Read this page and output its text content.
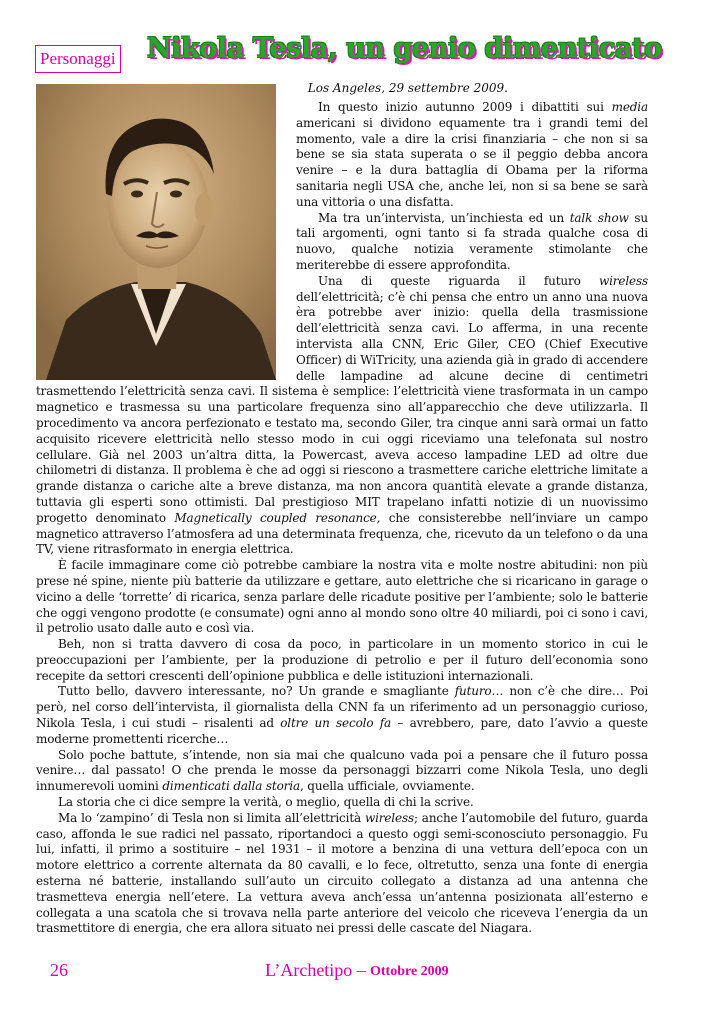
Personaggi Nikola Tesla, un genio dimenticato

Los Angeles, 29 settembre 2009.

In questo inizio autunno 2009 i dibattiti sui media americani si dividono equamente tra i grandi temi del momento, vale a dire la crisi finanziaria – che non si sa bene se sia stata superata o se il peggio debba ancora venire – e la dura battaglia di Obama per la riforma sanitaria negli USA che, anche lei, non si sa bene se sarà una vittoria o una disfatta.

Ma tra un’intervista, un’inchiesta ed un talk show su tali argomenti, ogni tanto si fa strada qualche cosa di nuovo, qualche notizia veramente stimolante che meriterebbe di essere approfondita.

Una di queste riguarda il futuro wireless dell’elettricità; c’è chi pensa che entro un anno una nuova èra potrebbe aver inizio: quella della trasmissione dell’elettricità senza cavi. Lo afferma, in una recente intervista alla CNN, Eric Giler, CEO (Chief Executive Officer) di WiTricity, una azienda già in grado di accendere delle lampadine ad alcune decine di centimetri trasmettendo l’elettricità senza cavi. Il sistema è semplice: l’elettricità viene trasformata in un campo magnetico e trasmessa su una particolare frequenza sino all’apparecchio che deve utilizzarla. Il procedimento va ancora perfezionato e testato ma, secondo Giler, tra cinque anni sarà ormai un fatto acquisito ricevere elettricità nello stesso modo in cui oggi riceviamo una telefonata sul nostro cellulare. Già nel 2003 un’altra ditta, la Powercast, aveva acceso lampadine LED ad oltre due chilometri di distanza. Il problema è che ad oggi si riescono a trasmettere cariche elettriche limitate a grande distanza o cariche alte a breve distanza, ma non ancora quantità elevate a grande distanza, tuttavia gli esperti sono ottimisti. Dal prestigioso MIT trapelano infatti notizie di un nuovissimo progetto denominato Magnetically coupled resonance, che consisterebbe nell’inviare un campo magnetico attraverso l’atmosfera ad una determinata frequenza, che, ricevuto da un telefono o da una TV, viene ritrasformato in energia elettrica.

È facile immaginare come ciò potrebbe cambiare la nostra vita e molte nostre abitudini: non più prese né spine, niente più batterie da utilizzare e gettare, auto elettriche che si ricaricano in garage o vicino a delle ‘torrette’ di ricarica, senza parlare delle ricadute positive per l’ambiente; solo le batterie che oggi vengono prodotte (e consumate) ogni anno al mondo sono oltre 40 miliardi, poi ci sono i cavi, il petrolio usato dalle auto e così via.

Beh, non si tratta davvero di cosa da poco, in particolare in un momento storico in cui le preoccupazioni per l’ambiente, per la produzione di petrolio e per il futuro dell’economia sono recepite da settori crescenti dell’opinione pubblica e delle istituzioni internazionali.

Tutto bello, davvero interessante, no? Un grande e smagliante futuro… non c’è che dire… Poi però, nel corso dell’intervista, il giornalista della CNN fa un riferimento ad un personaggio curioso, Nikola Tesla, i cui studi – risalenti ad oltre un secolo fa – avrebbero, pare, dato l’avvio a queste moderne promettenti ricerche…

Solo poche battute, s’intende, non sia mai che qualcuno vada poi a pensare che il futuro possa venire… dal passato! O che prenda le mosse da personaggi bizzarri come Nikola Tesla, uno degli innumerevoli uomini dimenticati dalla storia, quella ufficiale, ovviamente.

La storia che ci dice sempre la verità, o meglio, quella di chi la scrive.

Ma lo ‘zampino’ di Tesla non si limita all’elettricità wireless; anche l’automobile del futuro, guarda caso, affonda le sue radici nel passato, riportandoci a questo oggi semi-sconosciuto personaggio. Fu lui, infatti, il primo a sostituire – nel 1931 – il motore a benzina di una vettura dell’epoca con un motore elettrico a corrente alternata da 80 cavalli, e lo fece, oltretutto, senza una fonte di energia esterna né batterie, installando sull’auto un circuito collegato a distanza ad una antenna che trasmetteva energia nell’etere. La vettura aveva anch’essa un’antenna posizionata all’esterno e collegata a una scatola che si trovava nella parte anteriore del veicolo che riceveva l’energia da un trasmettitore di energia, che era allora situato nei pressi delle cascate del Niagara.

26	L’Archetipo – Ottobre 2009
